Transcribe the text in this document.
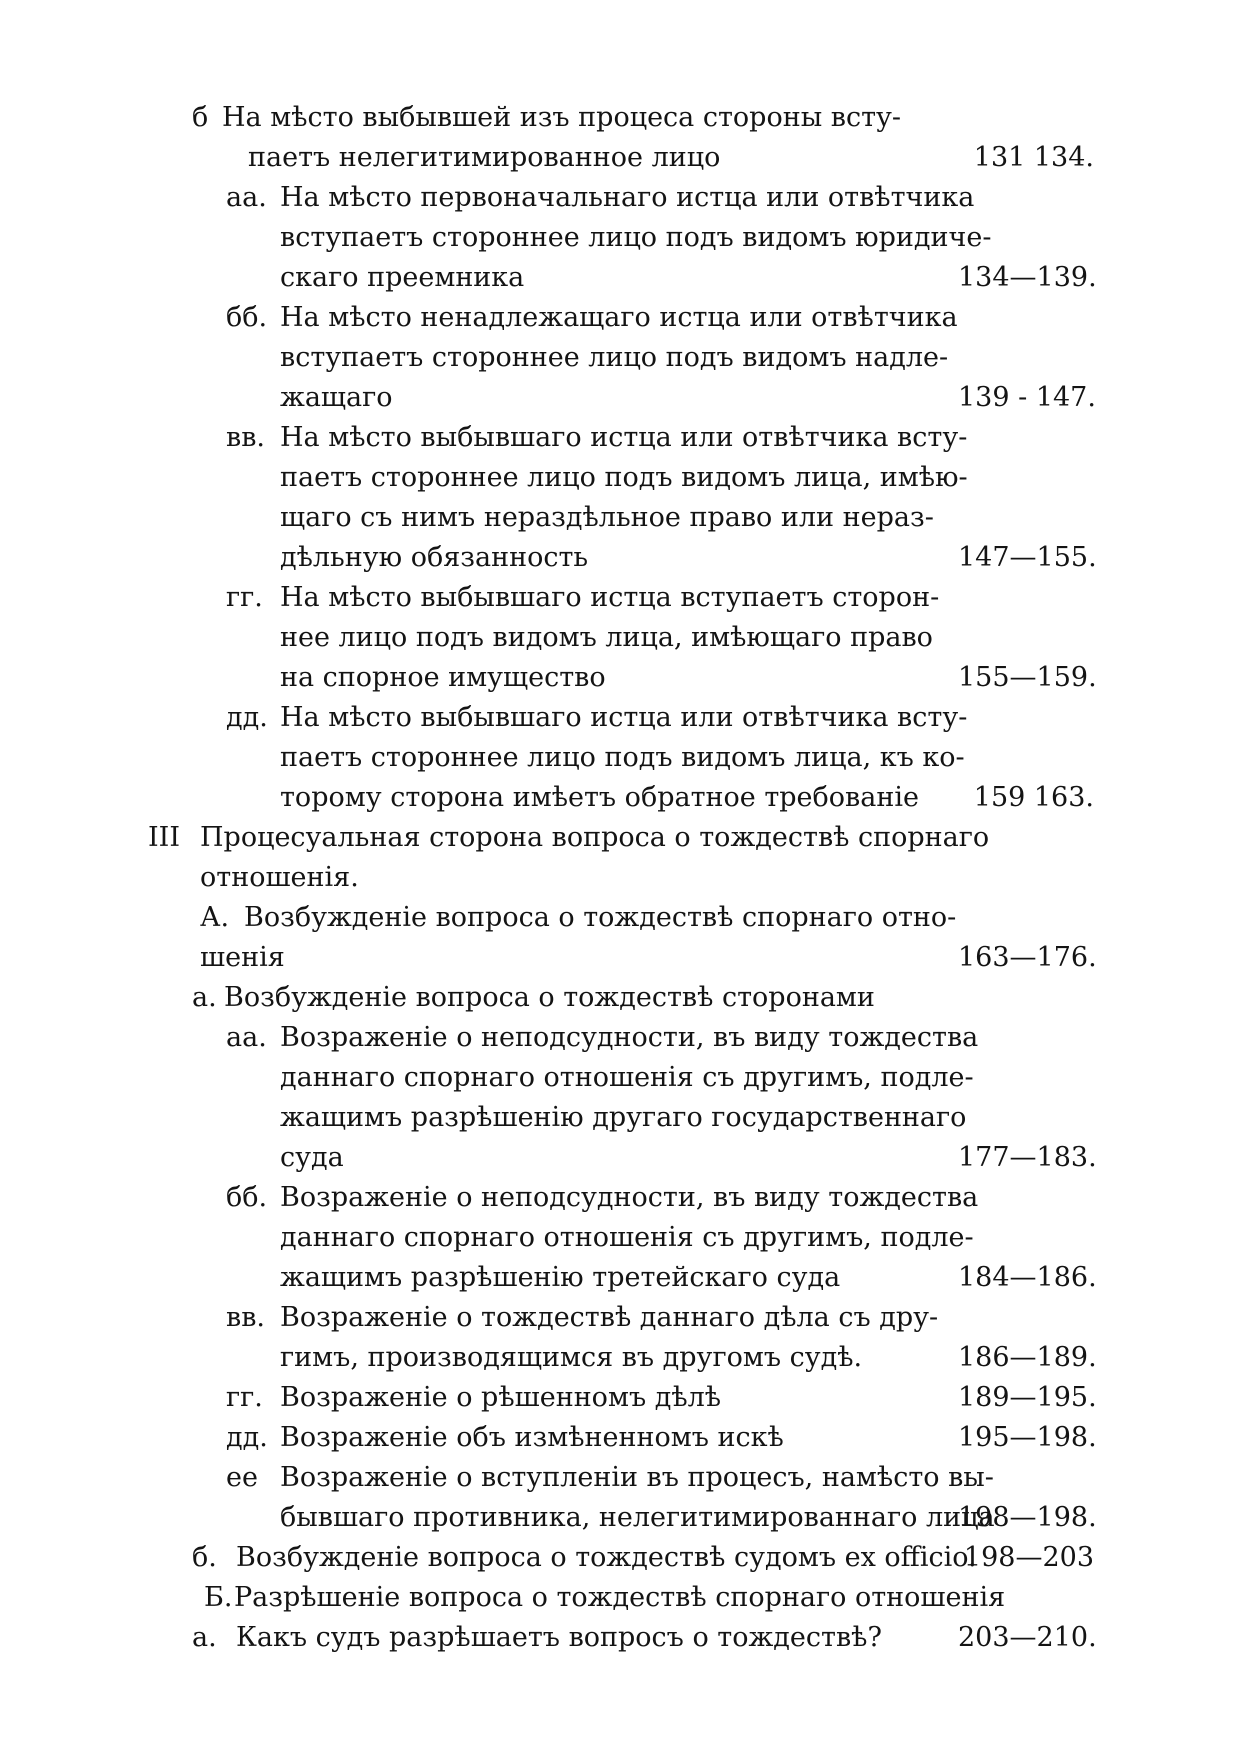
б На мѣсто выбывшей изъ процеса стороны всту-
паетъ нелегитимированное лицо	131 134.
аа. На мѣсто первоначальнаго истца или отвѣтчика
вступаетъ стороннее лицо подъ видомъ юридиче-
скаго преемника	134—139.
бб. На мѣсто ненадлежащаго истца или отвѣтчика
вступаетъ стороннее лицо подъ видомъ надле-
жащаго	139 - 147.
вв. На мѣсто выбывшаго истца или отвѣтчика всту-
паетъ стороннее лицо подъ видомъ лица, имѣю-
щаго съ нимъ нераздѣльное право или нераз-
дѣльную обязанность	147—155.
гг. На мѣсто выбывшаго истца вступаетъ сторон-
нее лицо подъ видомъ лица, имѣющаго право
на спорное имущество	155—159.
дд. На мѣсто выбывшаго истца или отвѣтчика всту-
паетъ стороннее лицо подъ видомъ лица, къ ко-
торому сторона имѣетъ обратное требованіе	159 163.
III Процесуальная сторона вопроса о тождествѣ спорнаго
отношенія.
А. Возбужденіе вопроса о тождествѣ спорнаго отно-
шенія	163—176.
а. Возбужденіе вопроса о тождествѣ сторонами
аа. Возраженіе о неподсудности, въ виду тождества
даннаго спорнаго отношенія съ другимъ, подле-
жащимъ разрѣшенію другаго государственнаго
суда	177—183.
бб. Возраженіе о неподсудности, въ виду тождества
даннаго спорнаго отношенія съ другимъ, подле-
жащимъ разрѣшенію третейскаго суда	184—186.
вв. Возраженіе о тождествѣ даннаго дѣла съ дру-
гимъ, производящимся въ другомъ судѣ.	186—189.
гг. Возраженіе о рѣшенномъ дѣлѣ	189—195.
дд. Возраженіе объ измѣненномъ искѣ	195—198.
ее Возраженіе о вступленіи въ процесъ, намѣсто вы-
бывшаго противника, нелегитимированнаго лица
198—198.
б. Возбужденіе вопроса о тождествѣ судомъ ex officio.
198—203
Б. Разрѣшеніе вопроса о тождествѣ спорнаго отношенія
а. Какъ судъ разрѣшаетъ вопросъ о тождествѣ?	203—210.
